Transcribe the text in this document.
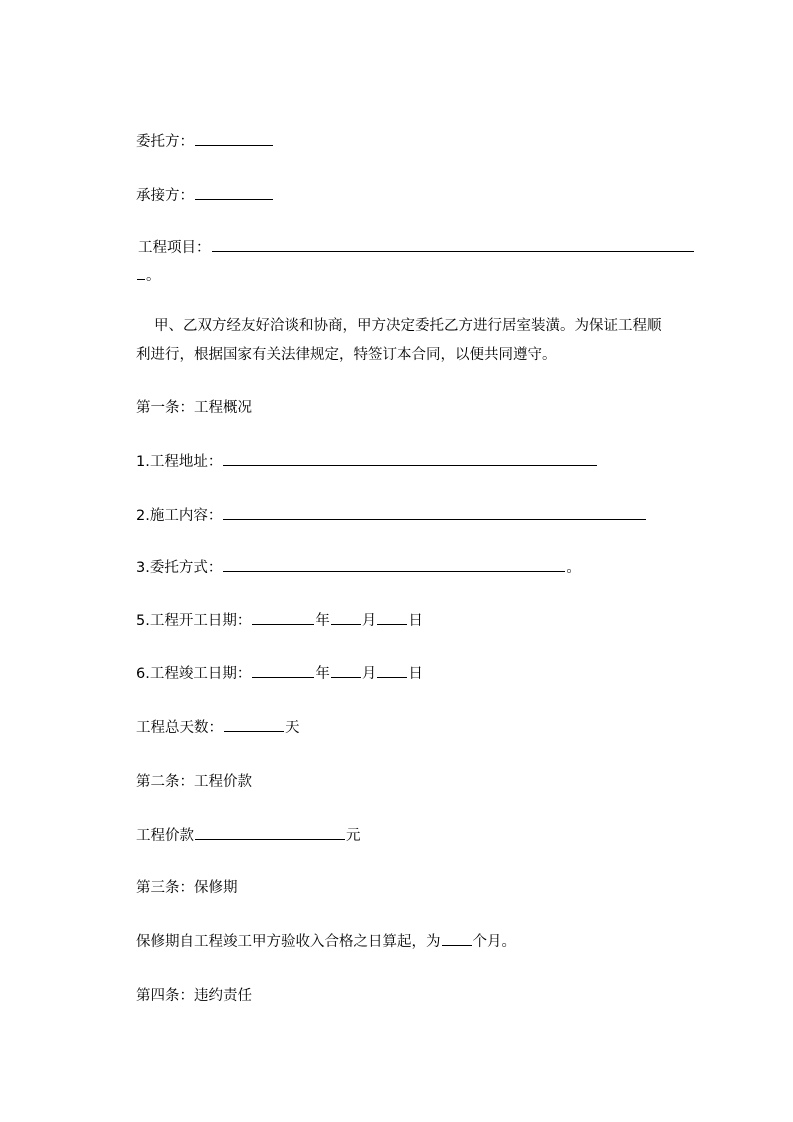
委托方：
承接方：
工程项目：
。
甲、乙双方经友好洽谈和协商，甲方决定委托乙方进行居室装潢。为保证工程顺
利进行，根据国家有关法律规定，特签订本合同，以便共同遵守。
第一条：工程概况
1.工程地址：
2.施工内容：
3.委托方式：	。
5.工程开工日期：	年 月 日
6.工程竣工日期：	年 月 日
工程总天数：	天
第二条：工程价款
工程价款	元
第三条：保修期
保修期自工程竣工甲方验收入合格之日算起，为 个月。
第四条：违约责任
